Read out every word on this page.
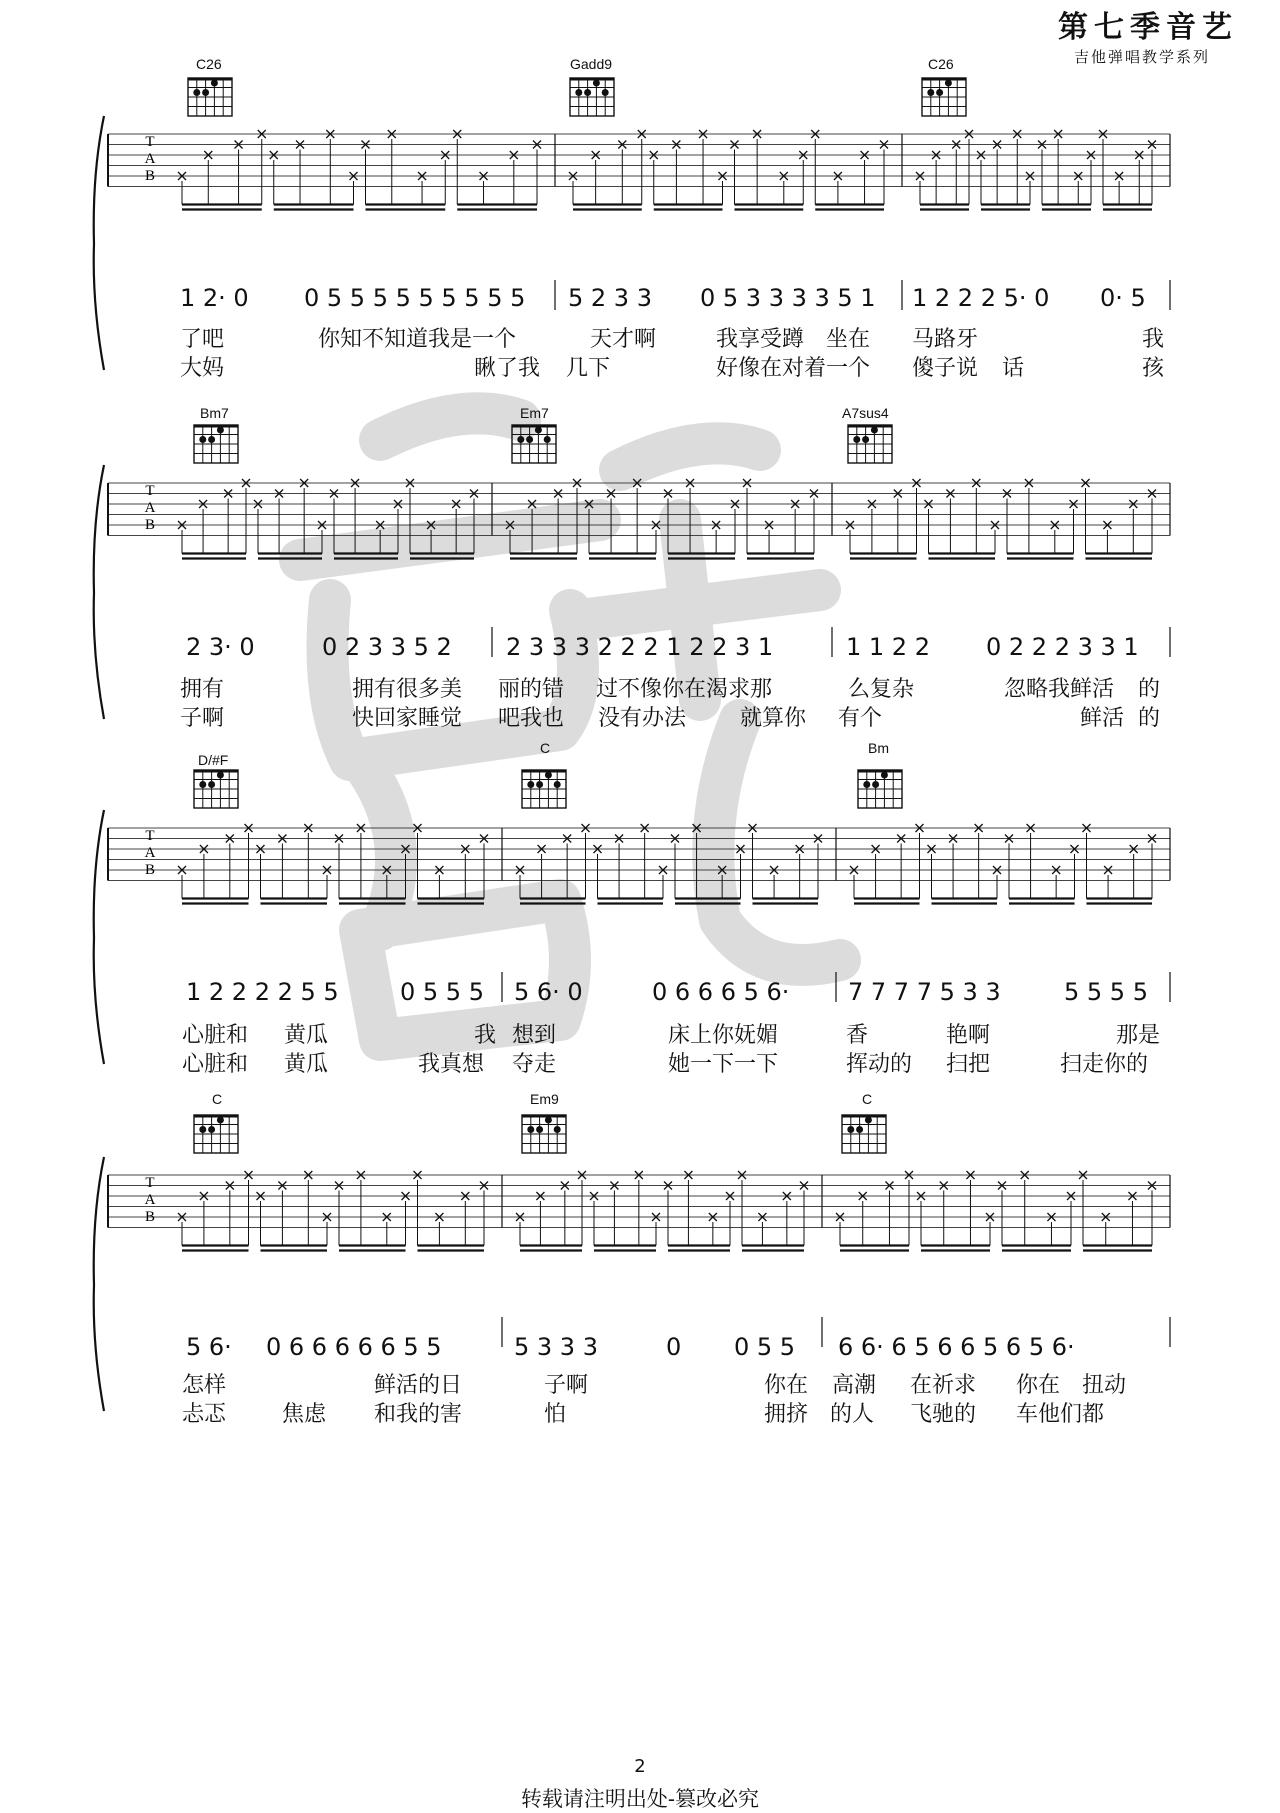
第七季音艺
吉他弹唱教学系列
C26	Gadd9	C26
T
A
B
1 2· 0 0 5 5 5 5 5 5 5 5 5 5 2 3 3 0 5 3 3 3 3 5 1 1 2 2 2 5· 0 0· 5
了吧	你知不知道我是一个	天才啊	我享受蹲 坐在 马路牙	我
大妈	瞅了我 几下	好像在对着一个 傻子说 话	孩
Bm7	Em7	A7sus4
T
A
B
2 3· 0	0 2 3 3 5 2 2 3 3 3 2 2 2 1 2 2 3 1	1 1 2 2 0 2 2 2 3 3 1
拥有	拥有很多美 丽的错 过不像你在渴求那	么复杂	忽略我鲜活 的
子啊	快回家睡觉 吧我也 没有办法 就算你 有个	鲜活 的
D/#F
C	Bm
T
A
B
1 2 2 2 2 5 5	0 5 5 5 5 6· 0	0 6 6 6 5 6· 7 7 7 7 5 3 3	5 5 5 5
心脏和 黄瓜	我 想到	床上你妩媚	香	艳啊	那是
心脏和 黄瓜	我真想 夺走	她一下一下	挥动的 扫把	扫走你的
C	Em9	C
T
A
B
5 6· 0 6 6 6 6 6 5 5	5 3 3 3	0 0 5 5 6 6· 6 5 6 6 5 6 5 6·
怎样	鲜活的日	子啊	你在 高潮 在祈求 你在 扭动
忐忑	焦虑 和我的害	怕	拥挤 的人 飞驰的 车他们都
2
转载请注明出处-篡改必究
